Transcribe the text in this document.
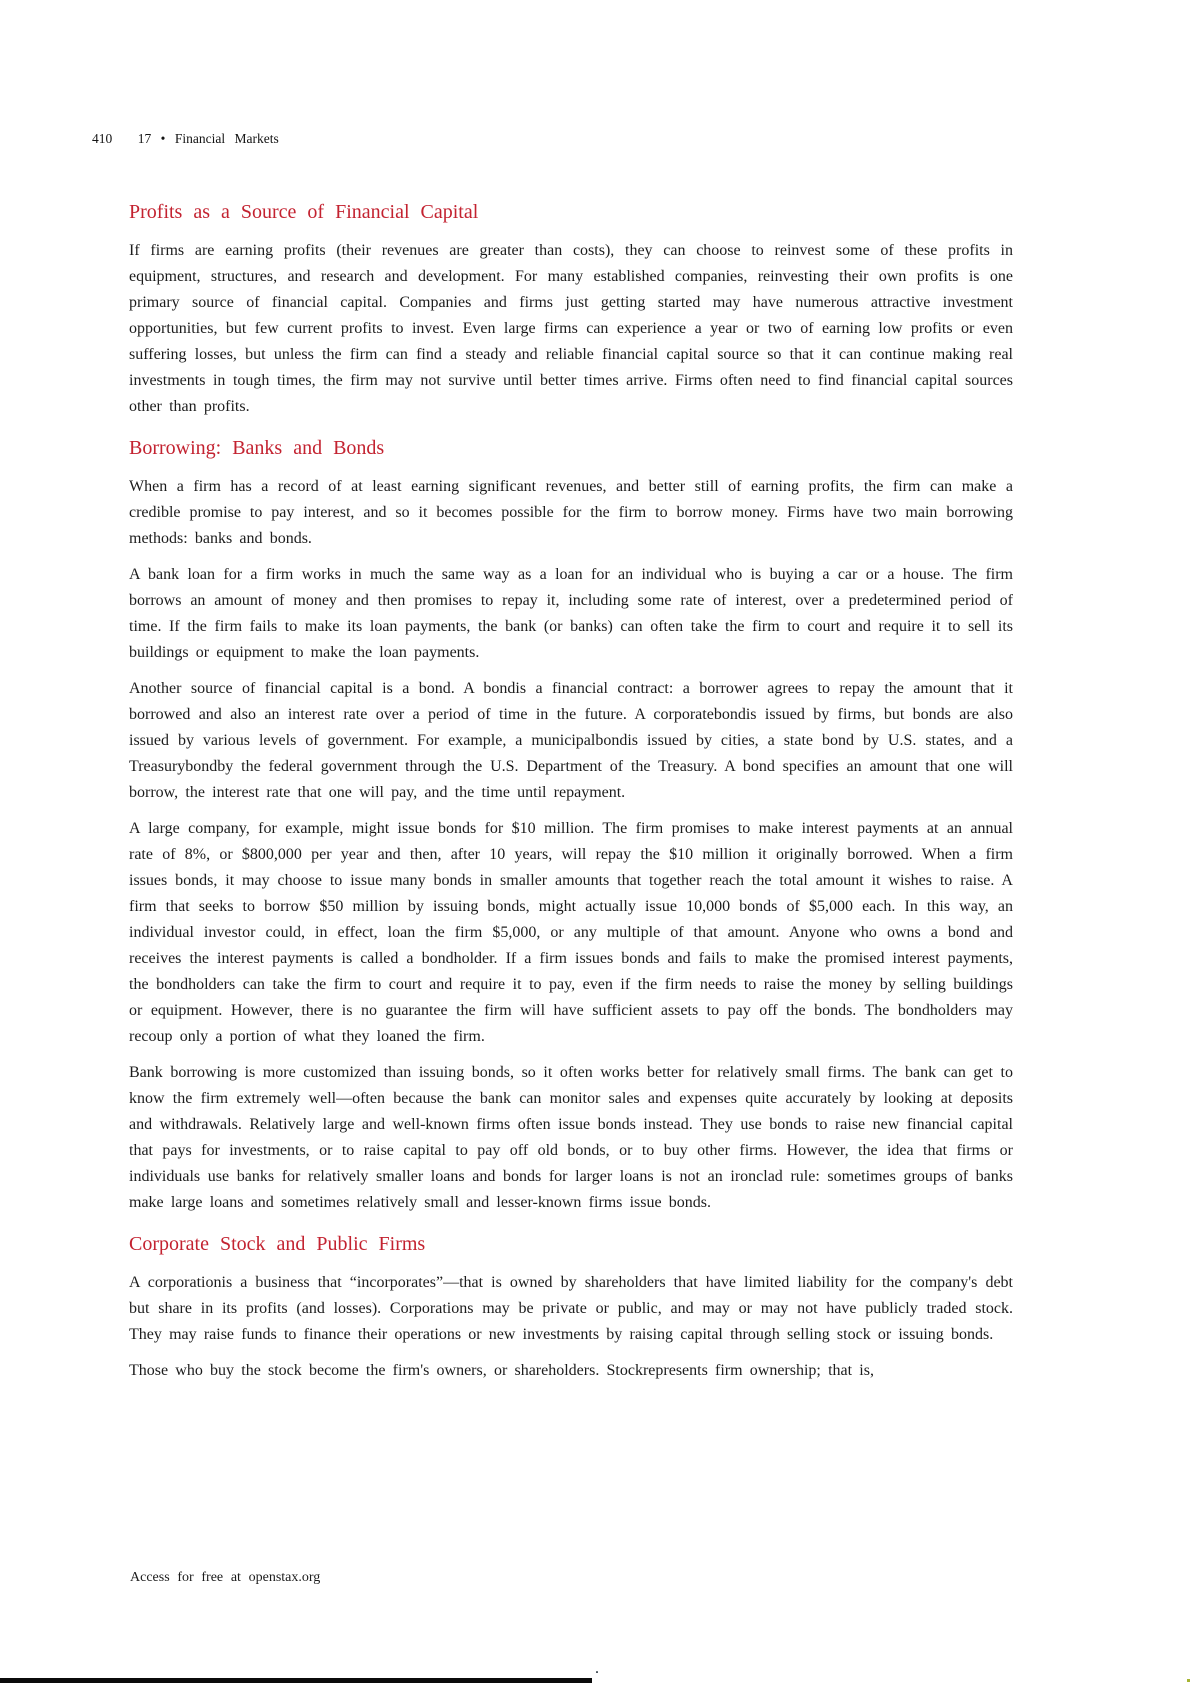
410 17 • Financial Markets
Profits as a Source of Financial Capital

If firms are earning profits (their revenues are greater than costs), they can choose to reinvest some of these profits in equipment, structures, and research and development. For many established companies, reinvesting their own profits is one primary source of financial capital. Companies and firms just getting started may have numerous attractive investment opportunities, but few current profits to invest. Even large firms can experience a year or two of earning low profits or even suffering losses, but unless the firm can find a steady and reliable financial capital source so that it can continue making real investments in tough times, the firm may not survive until better times arrive. Firms often need to find financial capital sources other than profits.

Borrowing: Banks and Bonds

When a firm has a record of at least earning significant revenues, and better still of earning profits, the firm can make a credible promise to pay interest, and so it becomes possible for the firm to borrow money. Firms have two main borrowing methods: banks and bonds.

A bank loan for a firm works in much the same way as a loan for an individual who is buying a car or a house. The firm borrows an amount of money and then promises to repay it, including some rate of interest, over a predetermined period of time. If the firm fails to make its loan payments, the bank (or banks) can often take the firm to court and require it to sell its buildings or equipment to make the loan payments.

Another source of financial capital is a bond. A bondis a financial contract: a borrower agrees to repay the amount that it borrowed and also an interest rate over a period of time in the future. A corporatebondis issued by firms, but bonds are also issued by various levels of government. For example, a municipalbondis issued by cities, a state bond by U.S. states, and a Treasurybondby the federal government through the U.S. Department of the Treasury. A bond specifies an amount that one will borrow, the interest rate that one will pay, and the time until repayment.

A large company, for example, might issue bonds for $10 million. The firm promises to make interest payments at an annual rate of 8%, or $800,000 per year and then, after 10 years, will repay the $10 million it originally borrowed. When a firm issues bonds, it may choose to issue many bonds in smaller amounts that together reach the total amount it wishes to raise. A firm that seeks to borrow $50 million by issuing bonds, might actually issue 10,000 bonds of $5,000 each. In this way, an individual investor could, in effect, loan the firm $5,000, or any multiple of that amount. Anyone who owns a bond and receives the interest payments is called a bondholder. If a firm issues bonds and fails to make the promised interest payments, the bondholders can take the firm to court and require it to pay, even if the firm needs to raise the money by selling buildings or equipment. However, there is no guarantee the firm will have sufficient assets to pay off the bonds. The bondholders may recoup only a portion of what they loaned the firm.

Bank borrowing is more customized than issuing bonds, so it often works better for relatively small firms. The bank can get to know the firm extremely well—often because the bank can monitor sales and expenses quite accurately by looking at deposits and withdrawals. Relatively large and well-known firms often issue bonds instead. They use bonds to raise new financial capital that pays for investments, or to raise capital to pay off old bonds, or to buy other firms. However, the idea that firms or individuals use banks for relatively smaller loans and bonds for larger loans is not an ironclad rule: sometimes groups of banks make large loans and sometimes relatively small and lesser-known firms issue bonds.

Corporate Stock and Public Firms

A corporationis a business that “incorporates”—that is owned by shareholders that have limited liability for the company's debt but share in its profits (and losses). Corporations may be private or public, and may or may not have publicly traded stock. They may raise funds to finance their operations or new investments by raising capital through selling stock or issuing bonds.

Those who buy the stock become the firm's owners, or shareholders. Stockrepresents firm ownership; that is,

Access for free at openstax.org
.
